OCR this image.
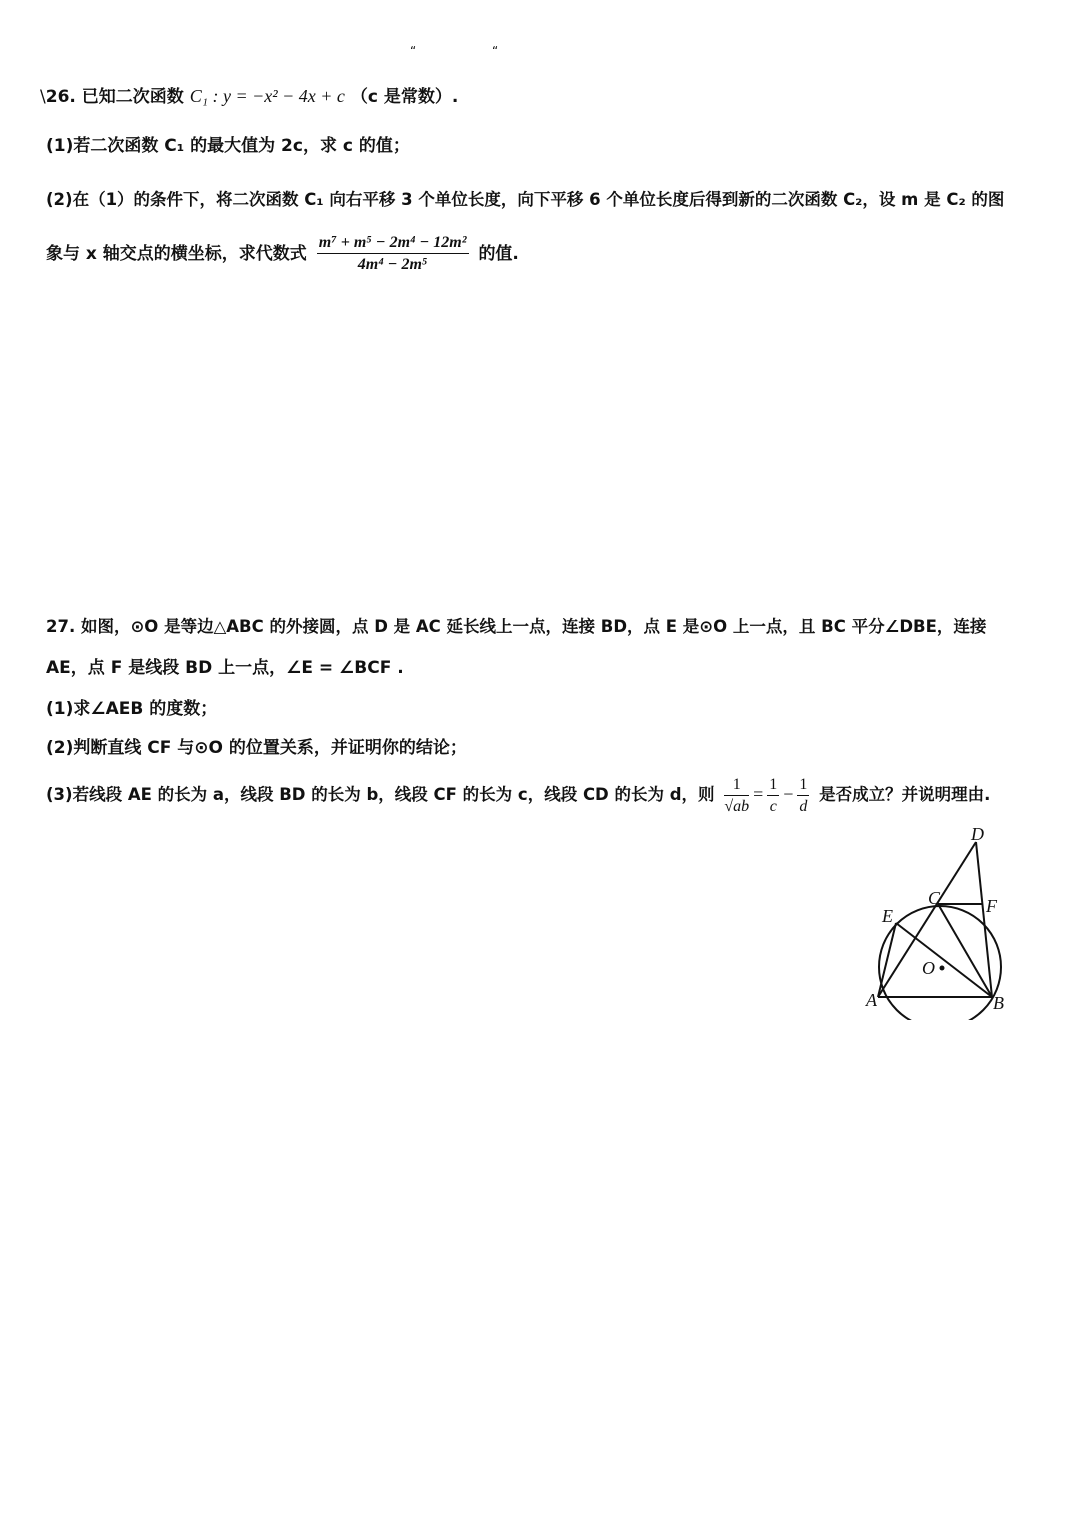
“	“
\26. 已知二次函数 C₁ : y = −x² − 4x + c （c 是常数）.
(1)若二次函数 C₁ 的最大值为 2c，求 c 的值；
(2)在（1）的条件下，将二次函数 C₁ 向右平移 3 个单位长度，向下平移 6 个单位长度后得到新的二次函数 C₂，设 m 是 C₂ 的图
象与 x 轴交点的横坐标，求代数式 $\frac{\text{m⁷ + m⁵ − 2m⁴ − 12m²}}{\text{4m⁴ − 2m⁵}}$ 的值.
27. 如图，⊙O 是等边△ABC 的外接圆，点 D 是 AC 延长线上一点，连接 BD，点 E 是⊙O 上一点，且 BC 平分∠DBE，连接
AE，点 F 是线段 BD 上一点，∠E = ∠BCF .
(1)求∠AEB 的度数；
(2)判断直线 CF 与⊙O 的位置关系，并证明你的结论；
(3)若线段 AE 的长为 a，线段 BD 的长为 b，线段 CF 的长为 c，线段 CD 的长为 d，则 $\frac{1}{√ab} = \frac{1}{c} - \frac{1}{d}$ 是否成立？并说明理由.
A	B
C
D
E	F
O
